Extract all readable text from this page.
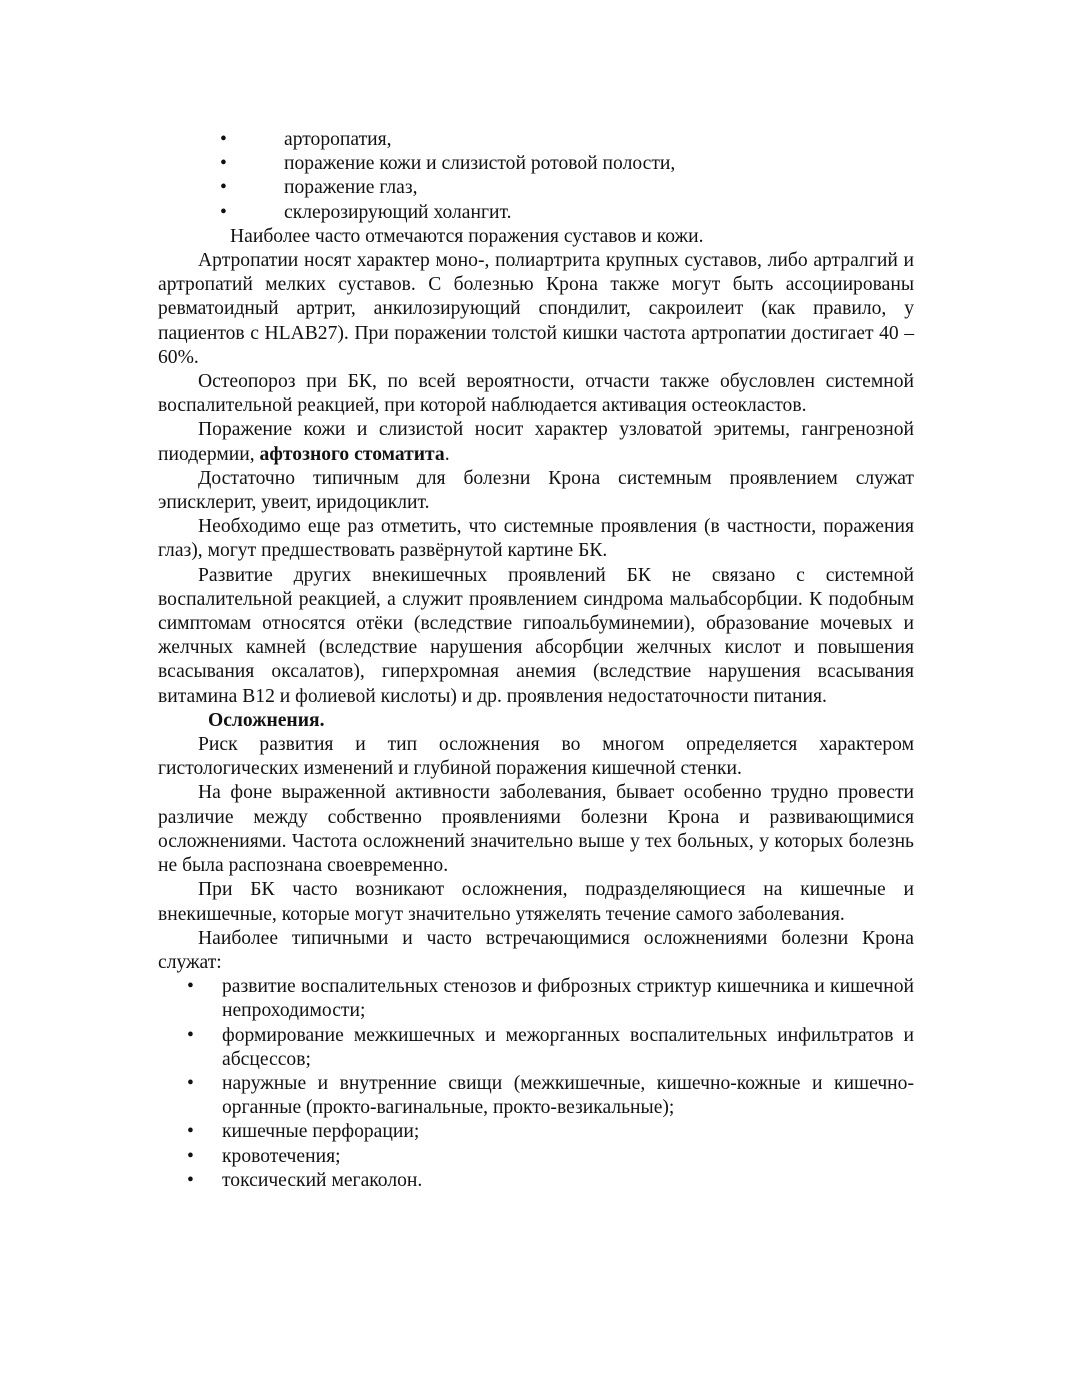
•	арторопатия,
•	поражение кожи и слизистой ротовой полости,
•	поражение глаз,
•	склерозирующий холангит.

Наиболее часто отмечаются поражения суставов и кожи.

Артропатии носят характер моно-, полиартрита крупных суставов, либо артралгий и артропатий мелких суставов. С болезнью Крона также могут быть ассоциированы ревматоидный артрит, анкилозирующий спондилит, сакроилеит (как правило, у пациентов с HLAB27). При поражении толстой кишки частота артропатии достигает 40 – 60%.

Остеопороз при БК, по всей вероятности, отчасти также обусловлен системной воспалительной реакцией, при которой наблюдается активация остеокластов.

Поражение кожи и слизистой носит характер узловатой эритемы, гангренозной пиодермии, афтозного стоматита.

Достаточно типичным для болезни Крона системным проявлением служат эписклерит, увеит, иридоциклит.

Необходимо еще раз отметить, что системные проявления (в частности, поражения глаз), могут предшествовать развёрнутой картине БК.

Развитие других внекишечных проявлений БК не связано с системной воспалительной реакцией, а служит проявлением синдрома мальабсорбции. К подобным симптомам относятся отёки (вследствие гипоальбуминемии), образование мочевых и желчных камней (вследствие нарушения абсорбции желчных кислот и повышения всасывания оксалатов), гиперхромная анемия (вследствие нарушения всасывания витамина В12 и фолиевой кислоты) и др. проявления недостаточности питания.

Осложнения.

Риск развития и тип осложнения во многом определяется характером гистологических изменений и глубиной поражения кишечной стенки.

На фоне выраженной активности заболевания, бывает особенно трудно провести различие между собственно проявлениями болезни Крона и развивающимися осложнениями. Частота осложнений значительно выше у тех больных, у которых болезнь не была распознана своевременно.

При БК часто возникают осложнения, подразделяющиеся на кишечные и внекишечные, которые могут значительно утяжелять течение самого заболевания.

Наиболее типичными и часто встречающимися осложнениями болезни Крона служат:

• развитие воспалительных стенозов и фиброзных стриктур кишечника и кишечной непроходимости;
• формирование межкишечных и межорганных воспалительных инфильтратов и абсцессов;
• наружные и внутренние свищи (межкишечные, кишечно-кожные и кишечно-органные (прокто-вагинальные, прокто-везикальные);
• кишечные перфорации;
• кровотечения;
• токсический мегаколон.
